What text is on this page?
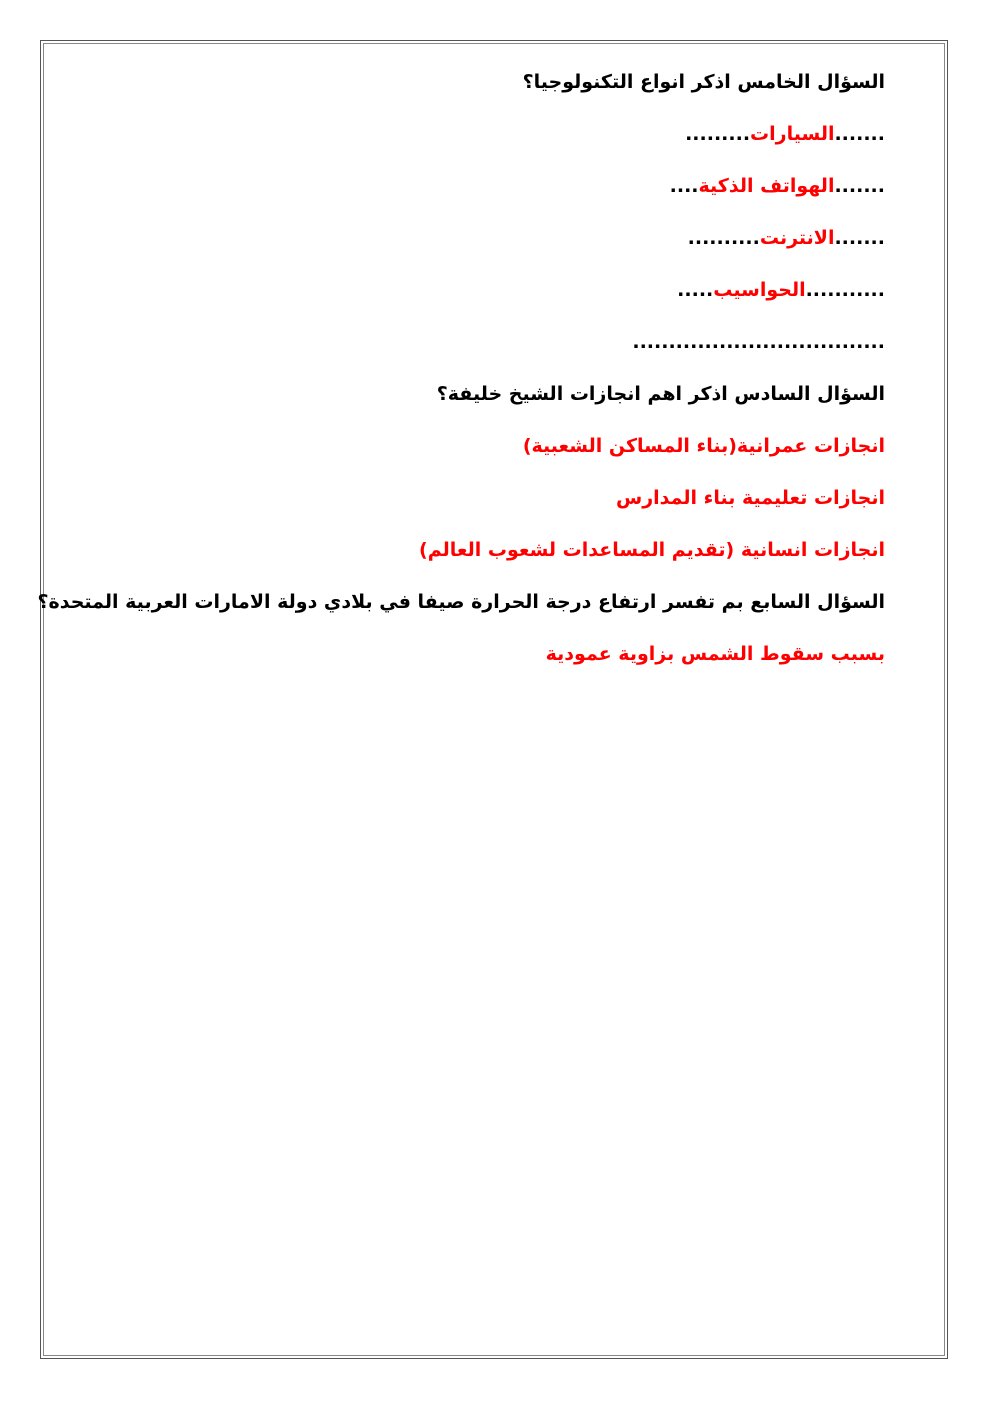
السؤال الخامس اذكر انواع التكنولوجيا؟
.......السيارات.........
.......الهواتف الذكية....
.......الانترنت..........
...........الحواسيب.....
...................................
السؤال السادس اذكر اهم انجازات الشيخ خليفة؟
انجازات عمرانية(بناء المساكن الشعبية)
انجازات تعليمية بناء المدارس
انجازات انسانية (تقديم المساعدات لشعوب العالم)
السؤال السابع بم تفسر ارتفاع درجة الحرارة صيفا في بلادي دولة الامارات العربية المتحدة؟
بسبب سقوط الشمس بزاوية عمودية
